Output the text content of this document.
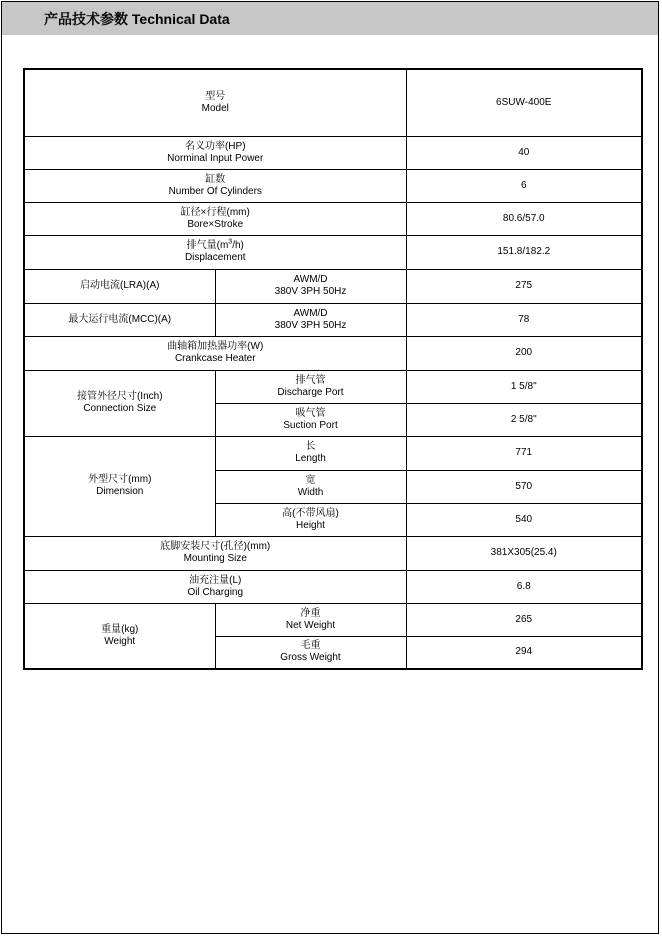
产品技术参数 Technical Data
型号
Model		6SUW-400E

名义功率(HP)
Norminal Input Power		40

缸数
Number Of Cylinders		6

缸径×行程(mm)
Bore×Stroke		80.6/57.0

排气量$(m^3/h)$
Displacement		151.8/182.2
启动电流(LRA)(A)	AWM/D
380V 3PH 50Hz	275
最大运行电流(MCC)(A)	AWM/D
380V 3PH 50Hz	78

曲轴箱加热器功率(W)
Crankcase Heater		200

接管外径尺寸(Inch)
Connection Size	排气管
Discharge Port	1 5/8"

	吸气管
Suction Port	2 5/8"

外型尺寸(mm)
Dimension	长
Length	771

	宽
Width	570

	高(不带风扇)
Height	540

底脚安装尺寸(孔径)(mm)
Mounting Size		381X305(25.4)

油充注量(L)
Oil Charging		6.8

重量(kg)
Weight	净重
Net Weight	265

	毛重
Gross Weight	294
